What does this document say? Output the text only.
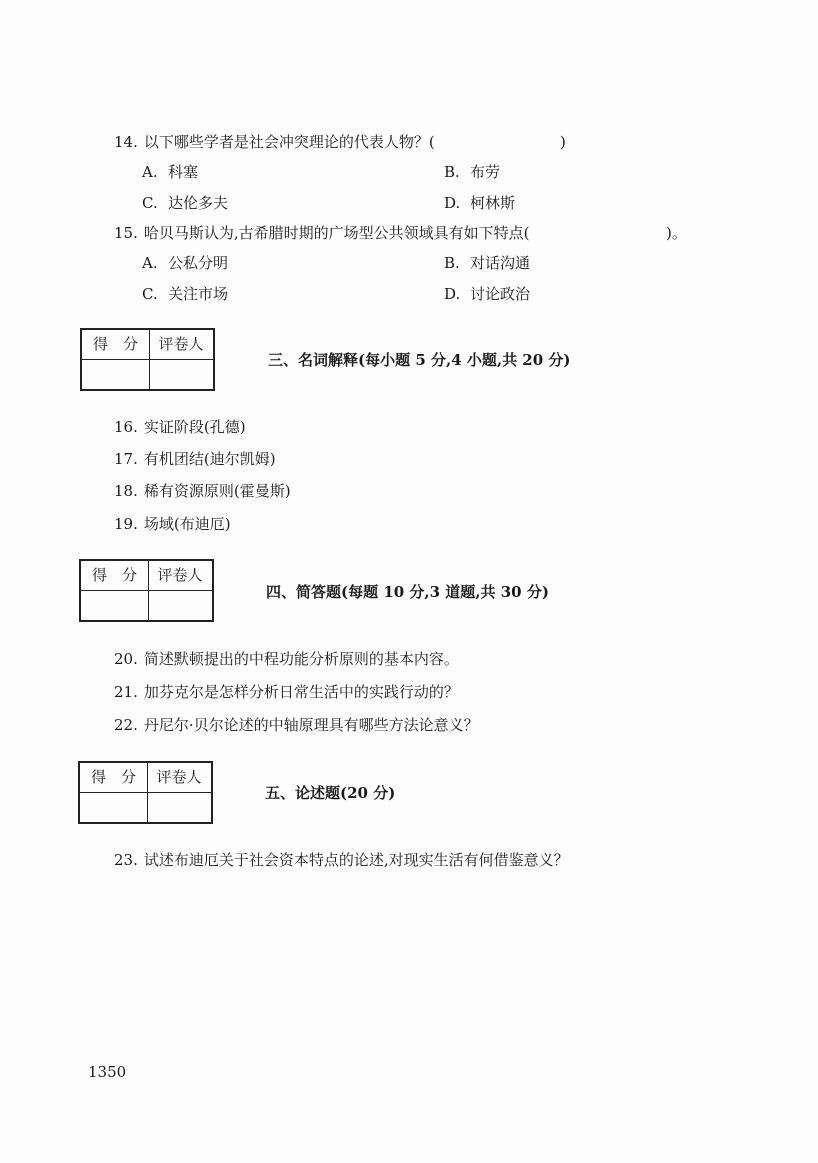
14. 以下哪些学者是社会冲突理论的代表人物？(	)
A. 科塞	B. 布劳
C. 达伦多夫	D. 柯林斯
15. 哈贝马斯认为,古希腊时期的广场型公共领域具有如下特点(	)。
A. 公私分明	B. 对话沟通
C. 关注市场	D. 讨论政治
得　分	评卷人
三、名词解释(每小题 5 分,4 小题,共 20 分)
16. 实证阶段(孔德)
17. 有机团结(迪尔凯姆)
18. 稀有资源原则(霍曼斯)
19. 场域(布迪厄)
得　分	评卷人
四、简答题(每题 10 分,3 道题,共 30 分)
20. 简述默顿提出的中程功能分析原则的基本内容。
21. 加芬克尔是怎样分析日常生活中的实践行动的？
22. 丹尼尔·贝尔论述的中轴原理具有哪些方法论意义？
得　分	评卷人
五、论述题(20 分)
23. 试述布迪厄关于社会资本特点的论述,对现实生活有何借鉴意义？
1350
